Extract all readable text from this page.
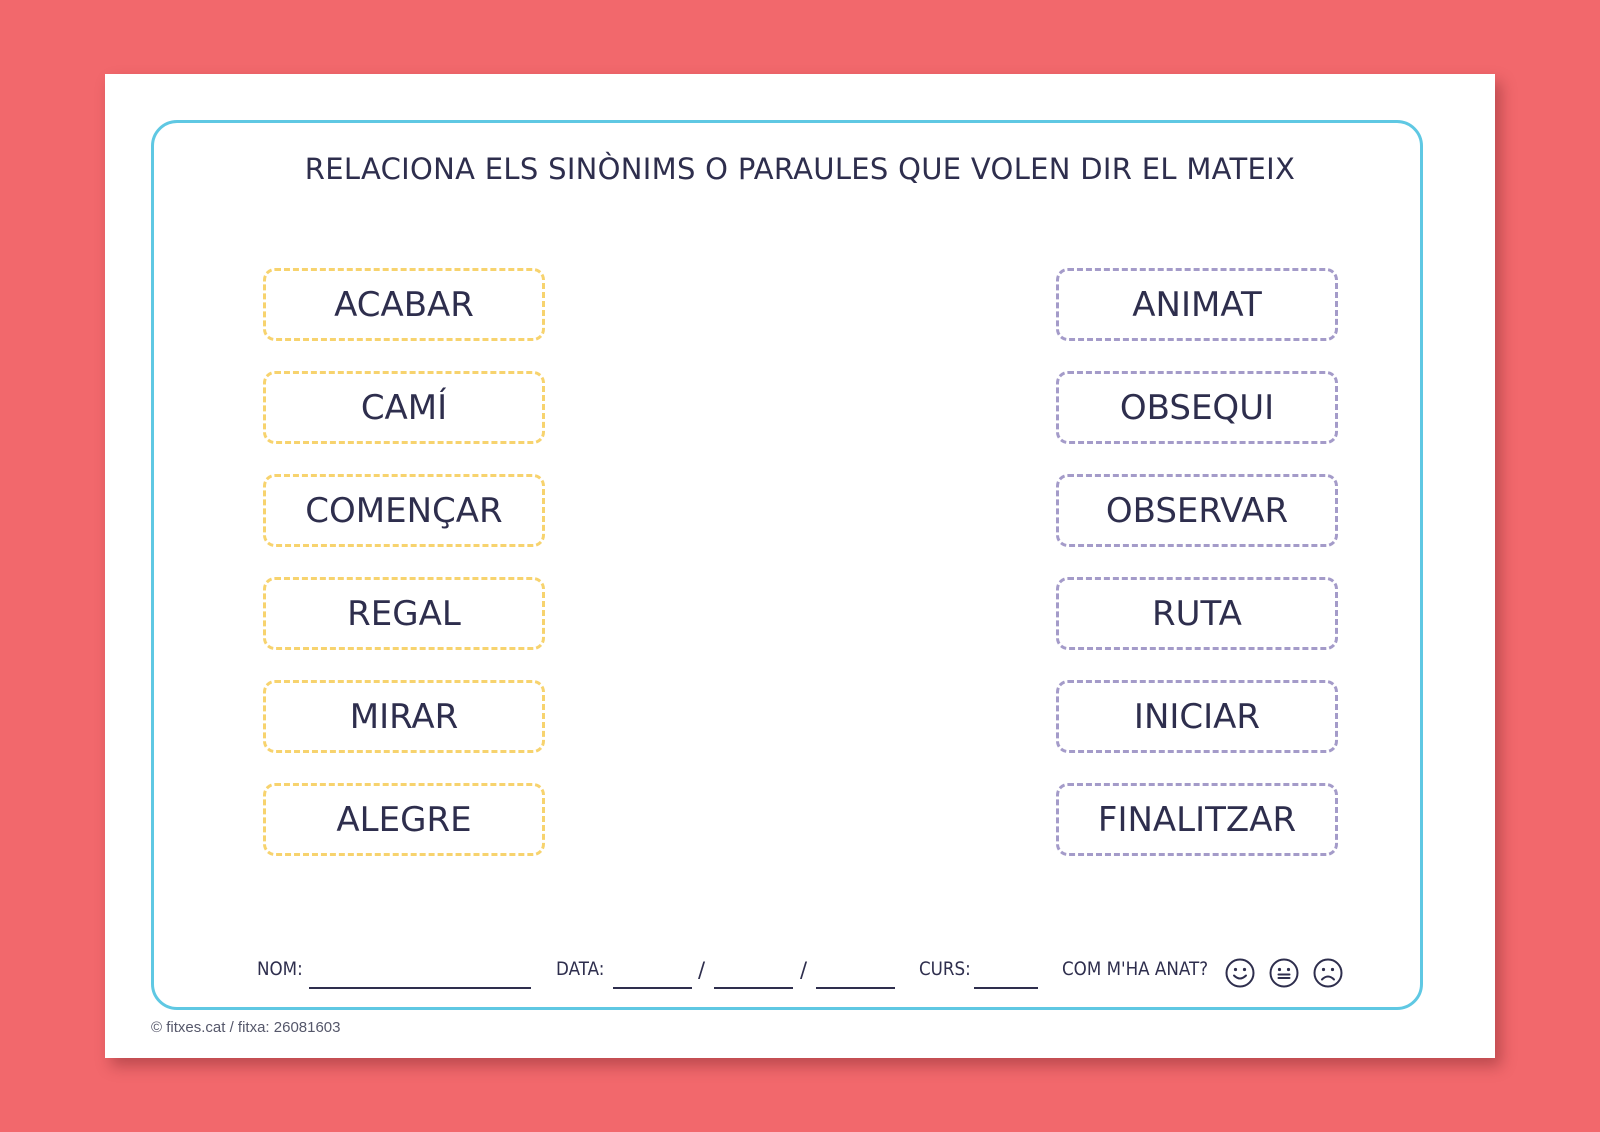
RELACIONA ELS SINÒNIMS O PARAULES QUE VOLEN DIR EL MATEIX
ACABAR
CAMÍ
COMENÇAR
REGAL
MIRAR
ALEGRE
ANIMAT
OBSEQUI
OBSERVAR
RUTA
INICIAR
FINALITZAR
NOM:	DATA:	/	/	CURS:	COM M'HA ANAT?
© fitxes.cat / fitxa: 26081603
